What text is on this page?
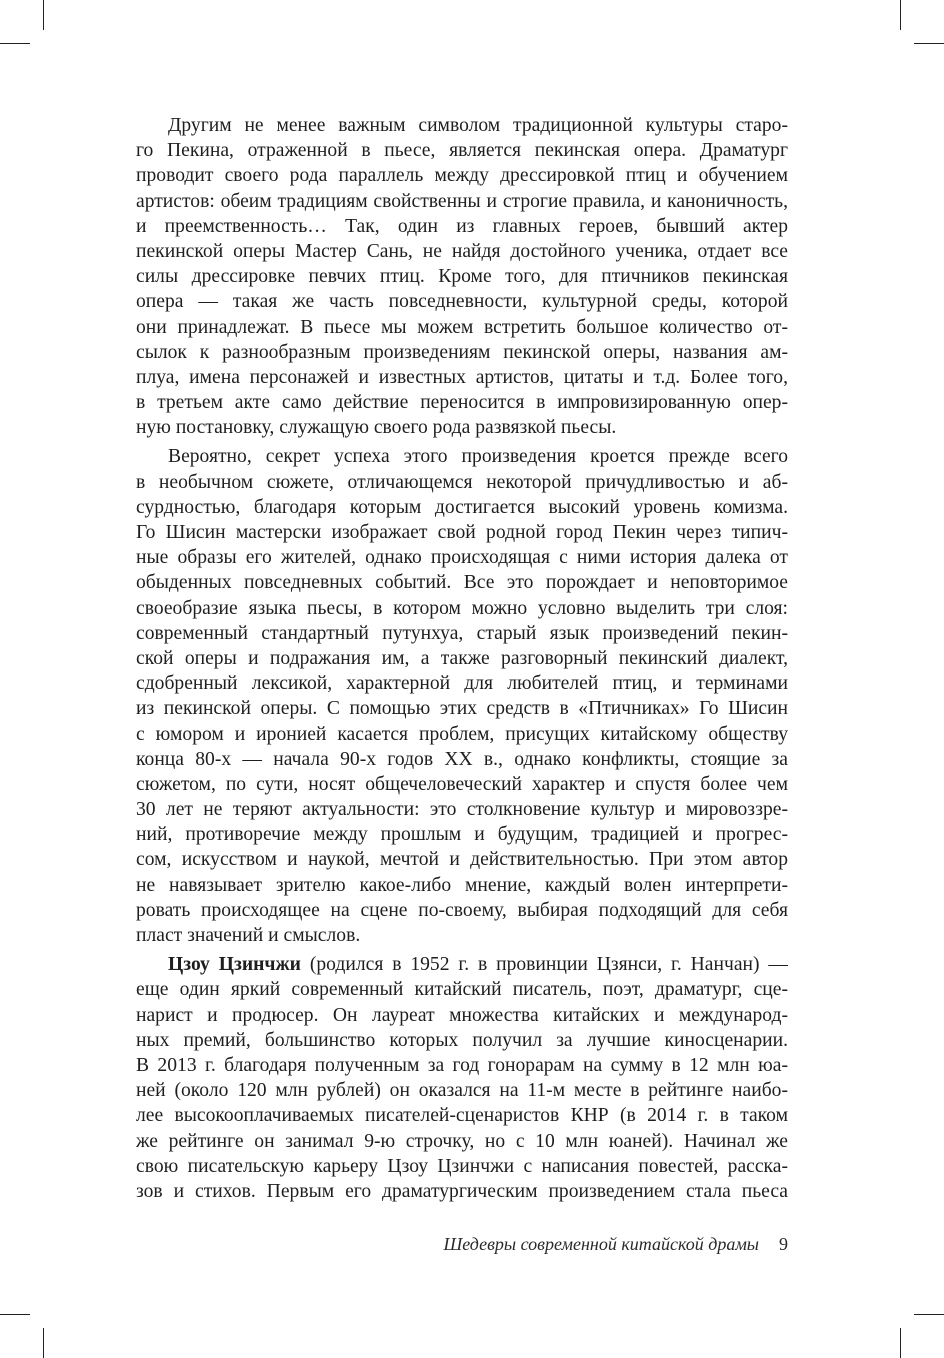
Другим не менее важным символом традиционной культуры старо-
го Пекина, отраженной в пьесе, является пекинская опера. Драматург
проводит своего рода параллель между дрессировкой птиц и обучением
артистов: обеим традициям свойственны и строгие правила, и каноничность,
и преемственность… Так, один из главных героев, бывший актер
пекинской оперы Мастер Сань, не найдя достойного ученика, отдает все
силы дрессировке певчих птиц. Кроме того, для птичников пекинская
опера — такая же часть повседневности, культурной среды, которой
они принадлежат. В пьесе мы можем встретить большое количество от-
сылок к разнообразным произведениям пекинской оперы, названия ам-
плуа, имена персонажей и известных артистов, цитаты и т.д. Более того,
в третьем акте само действие переносится в импровизированную опер-
ную постановку, служащую своего рода развязкой пьесы.
Вероятно, секрет успеха этого произведения кроется прежде всего
в необычном сюжете, отличающемся некоторой причудливостью и аб-
сурдностью, благодаря которым достигается высокий уровень комизма.
Го Шисин мастерски изображает свой родной город Пекин через типич-
ные образы его жителей, однако происходящая с ними история далека от
обыденных повседневных событий. Все это порождает и неповторимое
своеобразие языка пьесы, в котором можно условно выделить три слоя:
современный стандартный путунхуа, старый язык произведений пекин-
ской оперы и подражания им, а также разговорный пекинский диалект,
сдобренный лексикой, характерной для любителей птиц, и терминами
из пекинской оперы. С помощью этих средств в «Птичниках» Го Шисин
с юмором и иронией касается проблем, присущих китайскому обществу
конца 80-х — начала 90-х годов XX в., однако конфликты, стоящие за
сюжетом, по сути, носят общечеловеческий характер и спустя более чем
30 лет не теряют актуальности: это столкновение культур и мировоззре-
ний, противоречие между прошлым и будущим, традицией и прогрес-
сом, искусством и наукой, мечтой и действительностью. При этом автор
не навязывает зрителю какое-либо мнение, каждый волен интерпрети-
ровать происходящее на сцене по-своему, выбирая подходящий для себя
пласт значений и смыслов.
Цзоу Цзинчжи (родился в 1952 г. в провинции Цзянси, г. Нанчан) —
еще один яркий современный китайский писатель, поэт, драматург, сце-
нарист и продюсер. Он лауреат множества китайских и международ-
ных премий, большинство которых получил за лучшие киносценарии.
В 2013 г. благодаря полученным за год гонорарам на сумму в 12 млн юа-
ней (около 120 млн рублей) он оказался на 11-м месте в рейтинге наибо-
лее высокооплачиваемых писателей-сценаристов КНР (в 2014 г. в таком
же рейтинге он занимал 9-ю строчку, но с 10 млн юаней). Начинал же
свою писательскую карьеру Цзоу Цзинчжи с написания повестей, расска-
зов и стихов. Первым его драматургическим произведением стала пьеса
Шедевры современной китайской драмы 9
